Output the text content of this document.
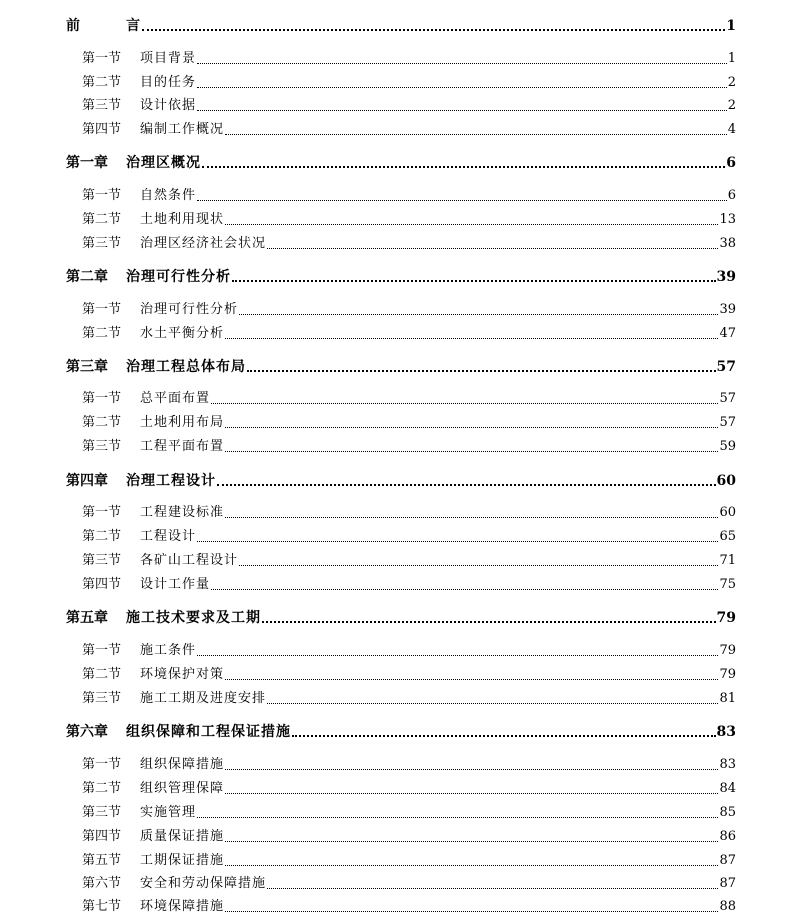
前	言	1
第一节	项目背景	1
第二节	目的任务	2
第三节	设计依据	2
第四节	编制工作概况	4
第一章	治理区概况	6
第一节	自然条件	6
第二节	土地利用现状	13
第三节	治理区经济社会状况	38
第二章	治理可行性分析	39
第一节	治理可行性分析	39
第二节	水土平衡分析	47
第三章	治理工程总体布局	57
第一节	总平面布置	57
第二节	土地利用布局	57
第三节	工程平面布置	59
第四章	治理工程设计	60
第一节	工程建设标准	60
第二节	工程设计	65
第三节	各矿山工程设计	71
第四节	设计工作量	75
第五章	施工技术要求及工期	79
第一节	施工条件	79
第二节	环境保护对策	79
第三节	施工工期及进度安排	81
第六章	组织保障和工程保证措施	83
第一节	组织保障措施	83
第二节	组织管理保障	84
第三节	实施管理	85
第四节	质量保证措施	86
第五节	工期保证措施	87
第六节	安全和劳动保障措施	87
第七节	环境保障措施	88
